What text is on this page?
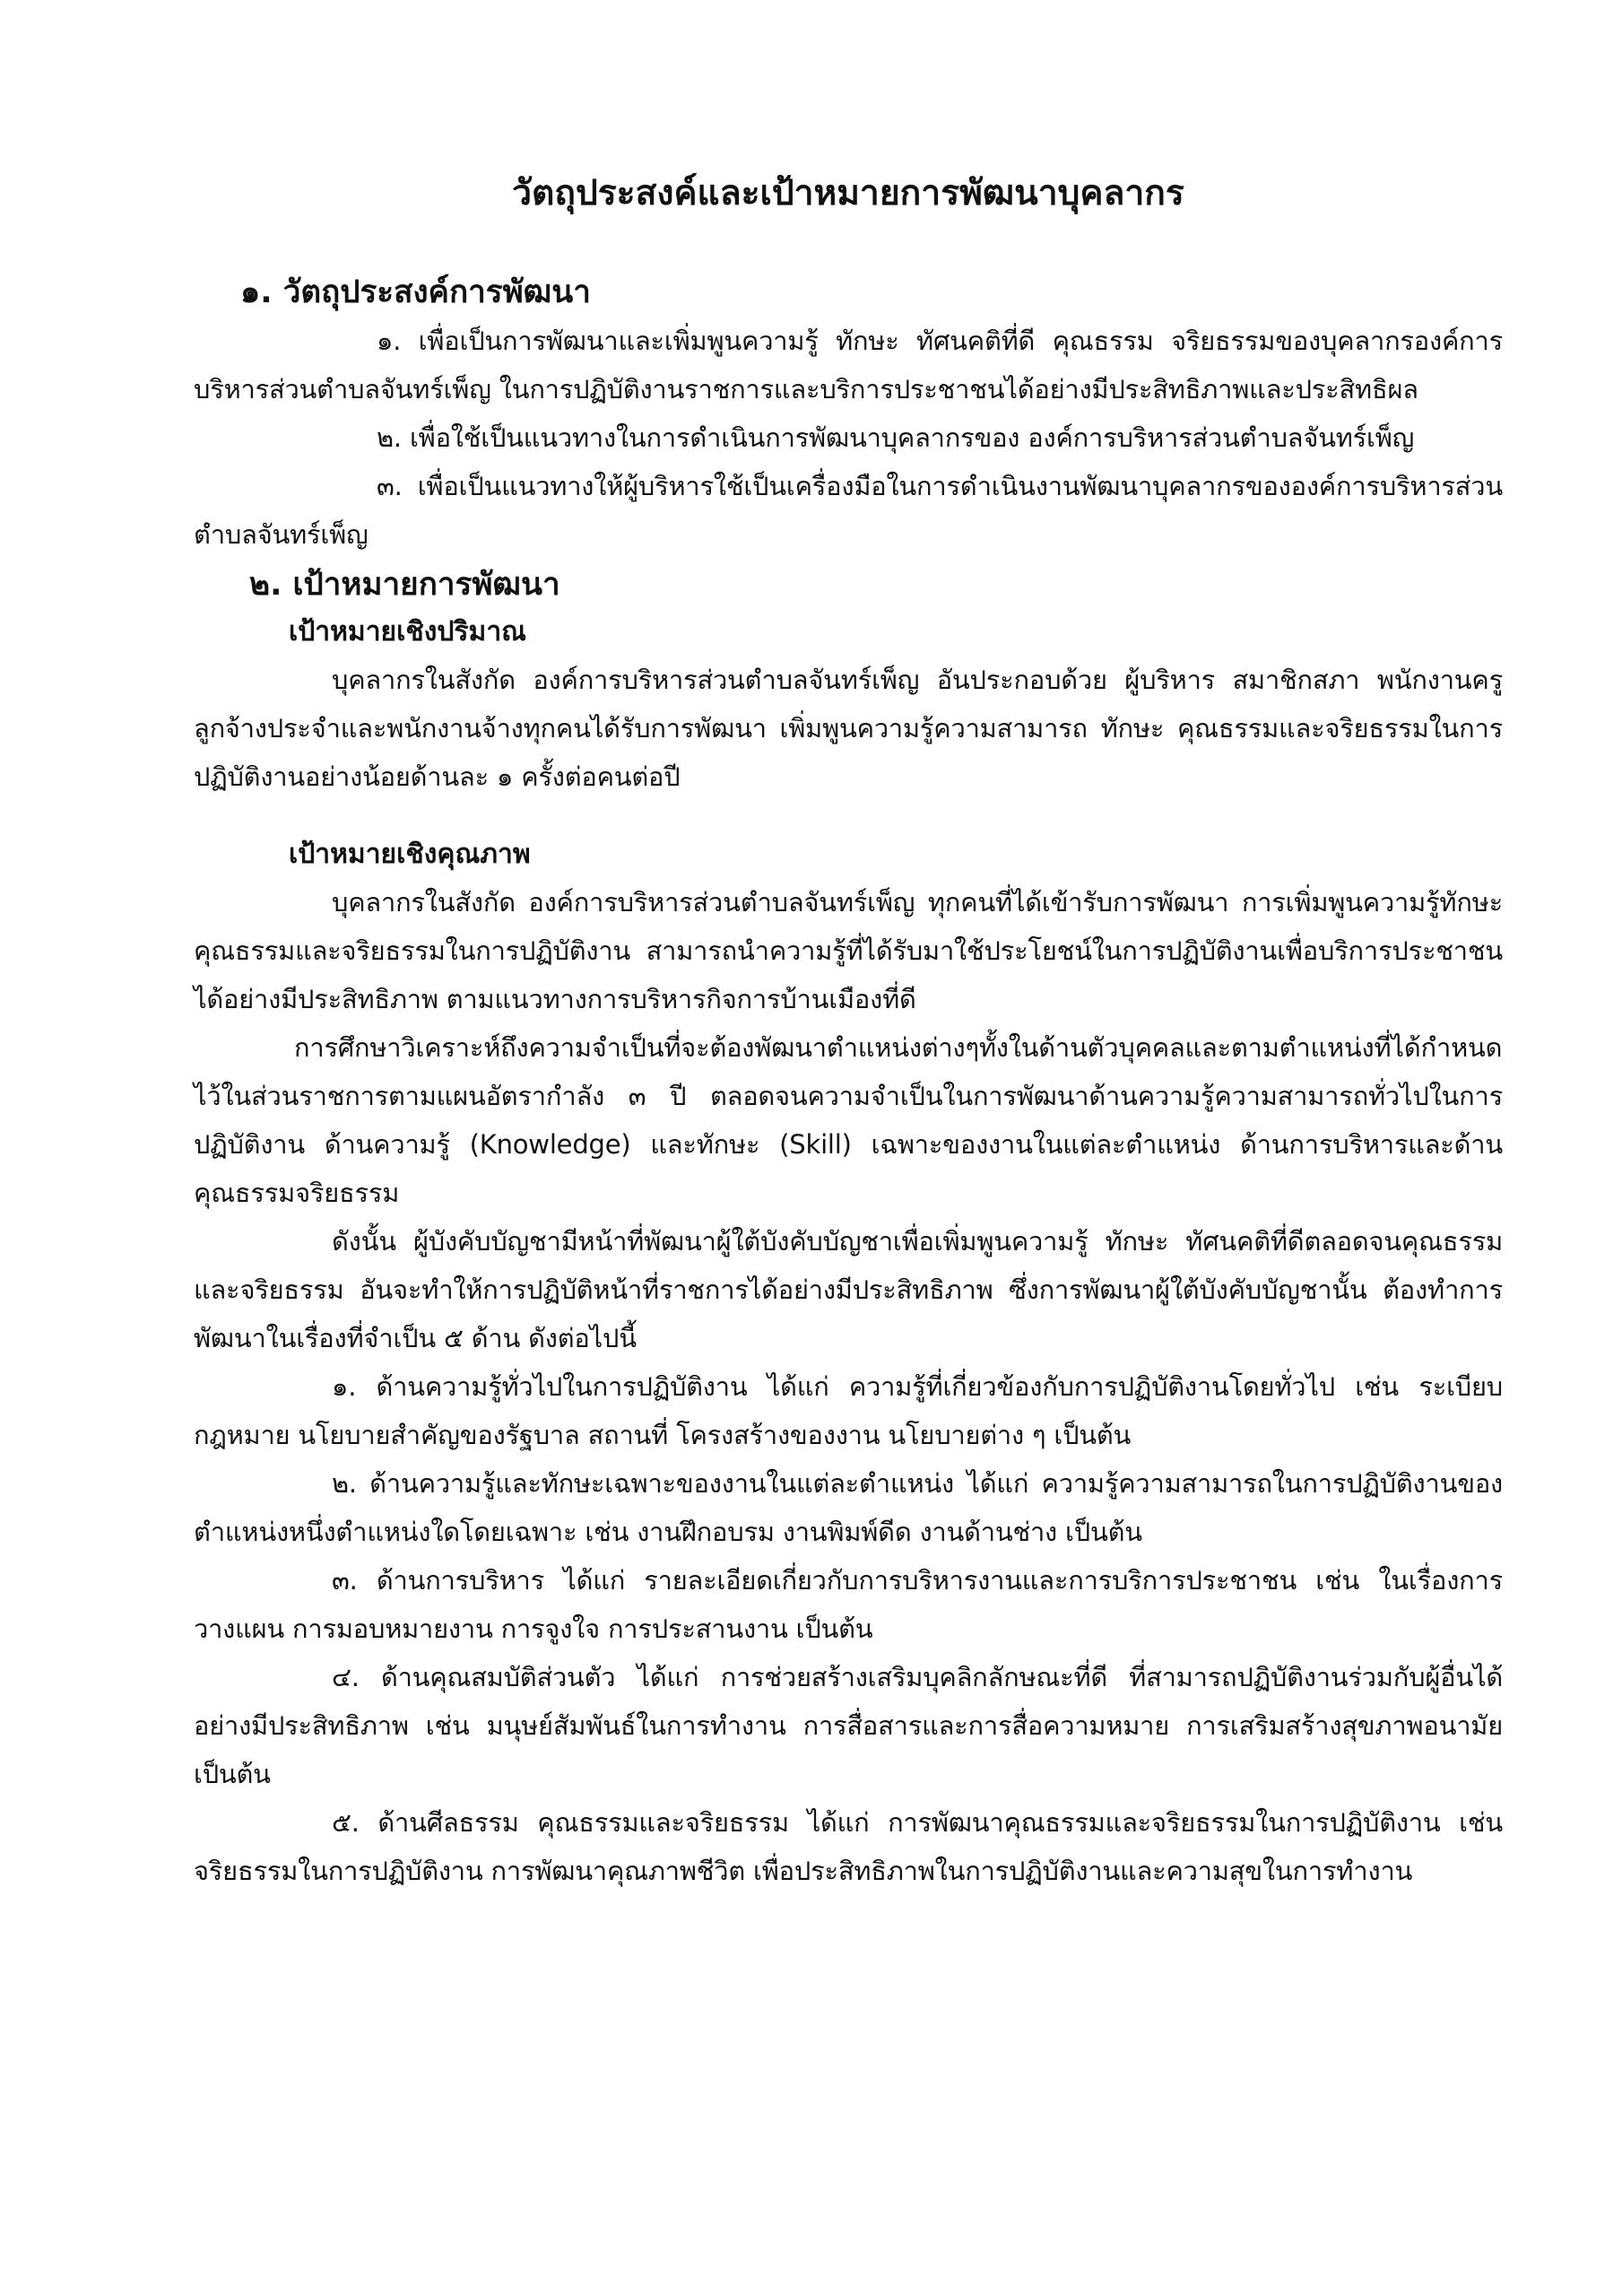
วัตถุประสงค์และเป้าหมายการพัฒนาบุคลากร
๑. วัตถุประสงค์การพัฒนา

๑. เพื่อเป็นการพัฒนาและเพิ่มพูนความรู้ ทักษะ ทัศนคติที่ดี คุณธรรม จริยธรรมของบุคลากรองค์การบริหารส่วนตำบลจันทร์เพ็ญ ในการปฏิบัติงานราชการและบริการประชาชนได้อย่างมีประสิทธิภาพและประสิทธิผล

๒. เพื่อใช้เป็นแนวทางในการดำเนินการพัฒนาบุคลากรของ องค์การบริหารส่วนตำบลจันทร์เพ็ญ

๓. เพื่อเป็นแนวทางให้ผู้บริหารใช้เป็นเครื่องมือในการดำเนินงานพัฒนาบุคลากรขององค์การบริหารส่วนตำบลจันทร์เพ็ญ

๒. เป้าหมายการพัฒนา
เป้าหมายเชิงปริมาณ

บุคลากรในสังกัด องค์การบริหารส่วนตำบลจันทร์เพ็ญ อันประกอบด้วย ผู้บริหาร สมาชิกสภา พนักงานครู ลูกจ้างประจำและพนักงานจ้างทุกคนได้รับการพัฒนา เพิ่มพูนความรู้ความสามารถ ทักษะ คุณธรรมและจริยธรรมในการปฏิบัติงานอย่างน้อยด้านละ ๑ ครั้งต่อคนต่อปี

เป้าหมายเชิงคุณภาพ

บุคลากรในสังกัด องค์การบริหารส่วนตำบลจันทร์เพ็ญ ทุกคนที่ได้เข้ารับการพัฒนา การเพิ่มพูนความรู้ทักษะ คุณธรรมและจริยธรรมในการปฏิบัติงาน สามารถนำความรู้ที่ได้รับมาใช้ประโยชน์ในการปฏิบัติงานเพื่อบริการประชาชนได้อย่างมีประสิทธิภาพ ตามแนวทางการบริหารกิจการบ้านเมืองที่ดี

การศึกษาวิเคราะห์ถึงความจำเป็นที่จะต้องพัฒนาตำแหน่งต่างๆทั้งในด้านตัวบุคคลและตามตำแหน่งที่ได้กำหนดไว้ในส่วนราชการตามแผนอัตรากำลัง ๓ ปี ตลอดจนความจำเป็นในการพัฒนาด้านความรู้ความสามารถทั่วไปในการปฏิบัติงาน ด้านความรู้ (Knowledge) และทักษะ (Skill) เฉพาะของงานในแต่ละตำแหน่ง ด้านการบริหารและด้านคุณธรรมจริยธรรม

ดังนั้น ผู้บังคับบัญชามีหน้าที่พัฒนาผู้ใต้บังคับบัญชาเพื่อเพิ่มพูนความรู้ ทักษะ ทัศนคติที่ดีตลอดจนคุณธรรมและจริยธรรม อันจะทำให้การปฏิบัติหน้าที่ราชการได้อย่างมีประสิทธิภาพ ซึ่งการพัฒนาผู้ใต้บังคับบัญชานั้น ต้องทำการพัฒนาในเรื่องที่จำเป็น ๕ ด้าน ดังต่อไปนี้

๑. ด้านความรู้ทั่วไปในการปฏิบัติงาน ได้แก่ ความรู้ที่เกี่ยวข้องกับการปฏิบัติงานโดยทั่วไป เช่น ระเบียบกฎหมาย นโยบายสำคัญของรัฐบาล สถานที่ โครงสร้างของงาน นโยบายต่าง ๆ เป็นต้น

๒. ด้านความรู้และทักษะเฉพาะของงานในแต่ละตำแหน่ง ได้แก่ ความรู้ความสามารถในการปฏิบัติงานของตำแหน่งหนึ่งตำแหน่งใดโดยเฉพาะ เช่น งานฝึกอบรม งานพิมพ์ดีด งานด้านช่าง เป็นต้น

๓. ด้านการบริหาร ได้แก่ รายละเอียดเกี่ยวกับการบริหารงานและการบริการประชาชน เช่น ในเรื่องการวางแผน การมอบหมายงาน การจูงใจ การประสานงาน เป็นต้น

๔. ด้านคุณสมบัติส่วนตัว ได้แก่ การช่วยสร้างเสริมบุคลิกลักษณะที่ดี ที่สามารถปฏิบัติงานร่วมกับผู้อื่นได้อย่างมีประสิทธิภาพ เช่น มนุษย์สัมพันธ์ในการทำงาน การสื่อสารและการสื่อความหมาย การเสริมสร้างสุขภาพอนามัย เป็นต้น

๕. ด้านศีลธรรม คุณธรรมและจริยธรรม ได้แก่ การพัฒนาคุณธรรมและจริยธรรมในการปฏิบัติงาน เช่น จริยธรรมในการปฏิบัติงาน การพัฒนาคุณภาพชีวิต เพื่อประสิทธิภาพในการปฏิบัติงานและความสุขในการทำงาน
